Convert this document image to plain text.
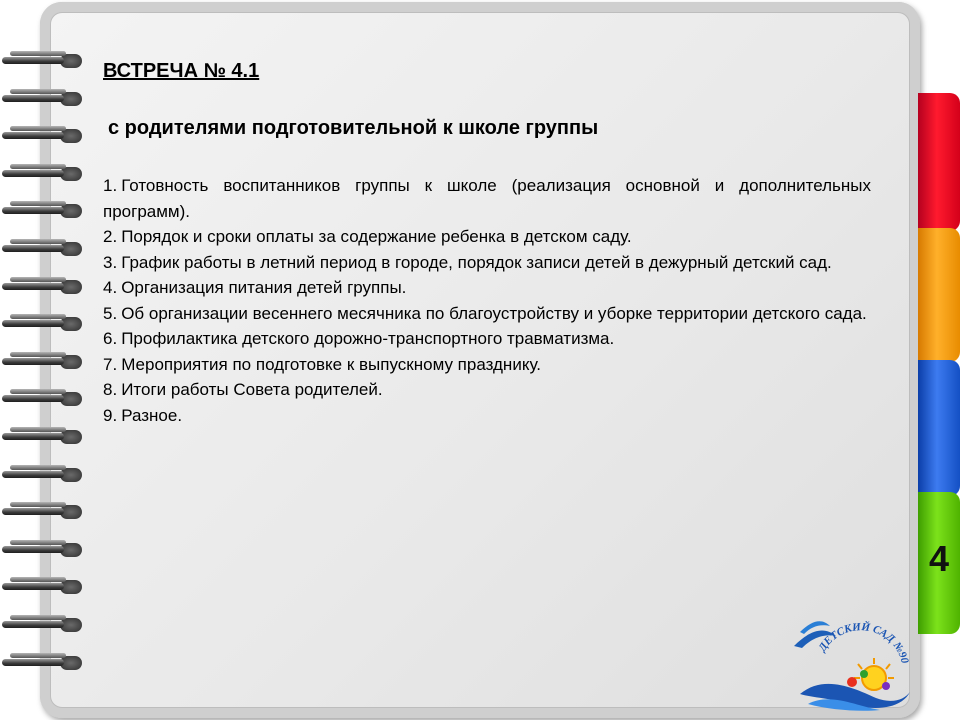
4
ВСТРЕЧА № 4.1
с родителями подготовительной к школе группы
1. Готовность воспитанников группы к школе (реализация основной и дополнительных программ).
2. Порядок и сроки оплаты за содержание ребенка в детском саду.
3. График работы в летний период в городе, порядок записи детей в дежурный детский сад.
4. Организация питания детей группы.
5. Об организации весеннего месячника по благоустройству и уборке территории детского сада.
6. Профилактика детского дорожно-транспортного травматизма.
7. Мероприятия по подготовке к выпускному празднику.
8. Итоги работы Совета родителей.
9. Разное.
ДЕТСКИЙ САД №90
